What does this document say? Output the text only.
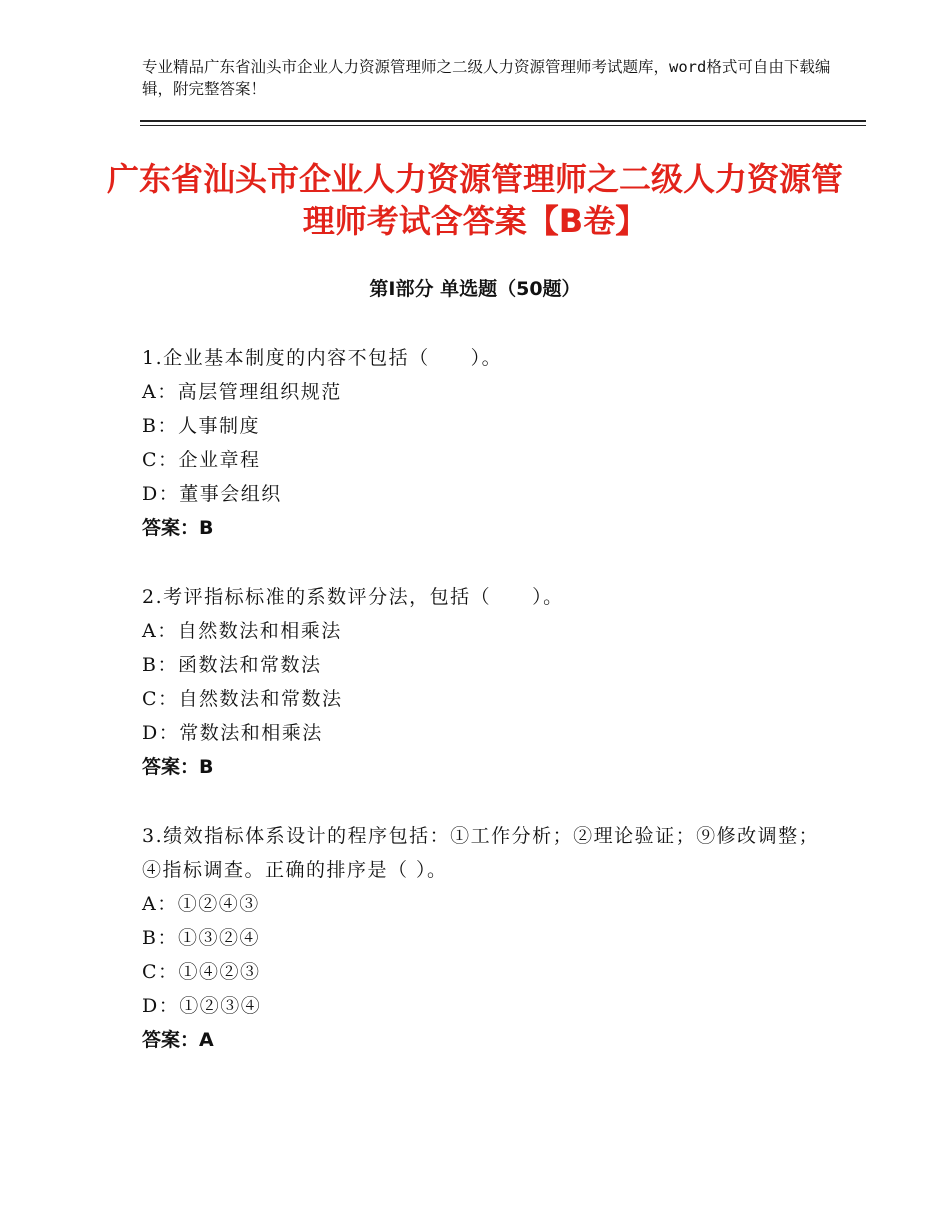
专业精品广东省汕头市企业人力资源管理师之二级人力资源管理师考试题库，word格式可自由下载编辑，附完整答案！
广东省汕头市企业人力资源管理师之二级人力资源管理师考试含答案【B卷】
第Ⅰ部分 单选题（50题）
1.企业基本制度的内容不包括（　　）。
A：高层管理组织规范
B：人事制度
C：企业章程
D：董事会组织
答案：B
2.考评指标标准的系数评分法，包括（　　）。
A：自然数法和相乘法
B：函数法和常数法
C：自然数法和常数法
D：常数法和相乘法
答案：B
3.绩效指标体系设计的程序包括：①工作分析；②理论验证；⑨修改调整；④指标调查。正确的排序是（ ）。
A：①②④③
B：①③②④
C：①④②③
D：①②③④
答案：A
